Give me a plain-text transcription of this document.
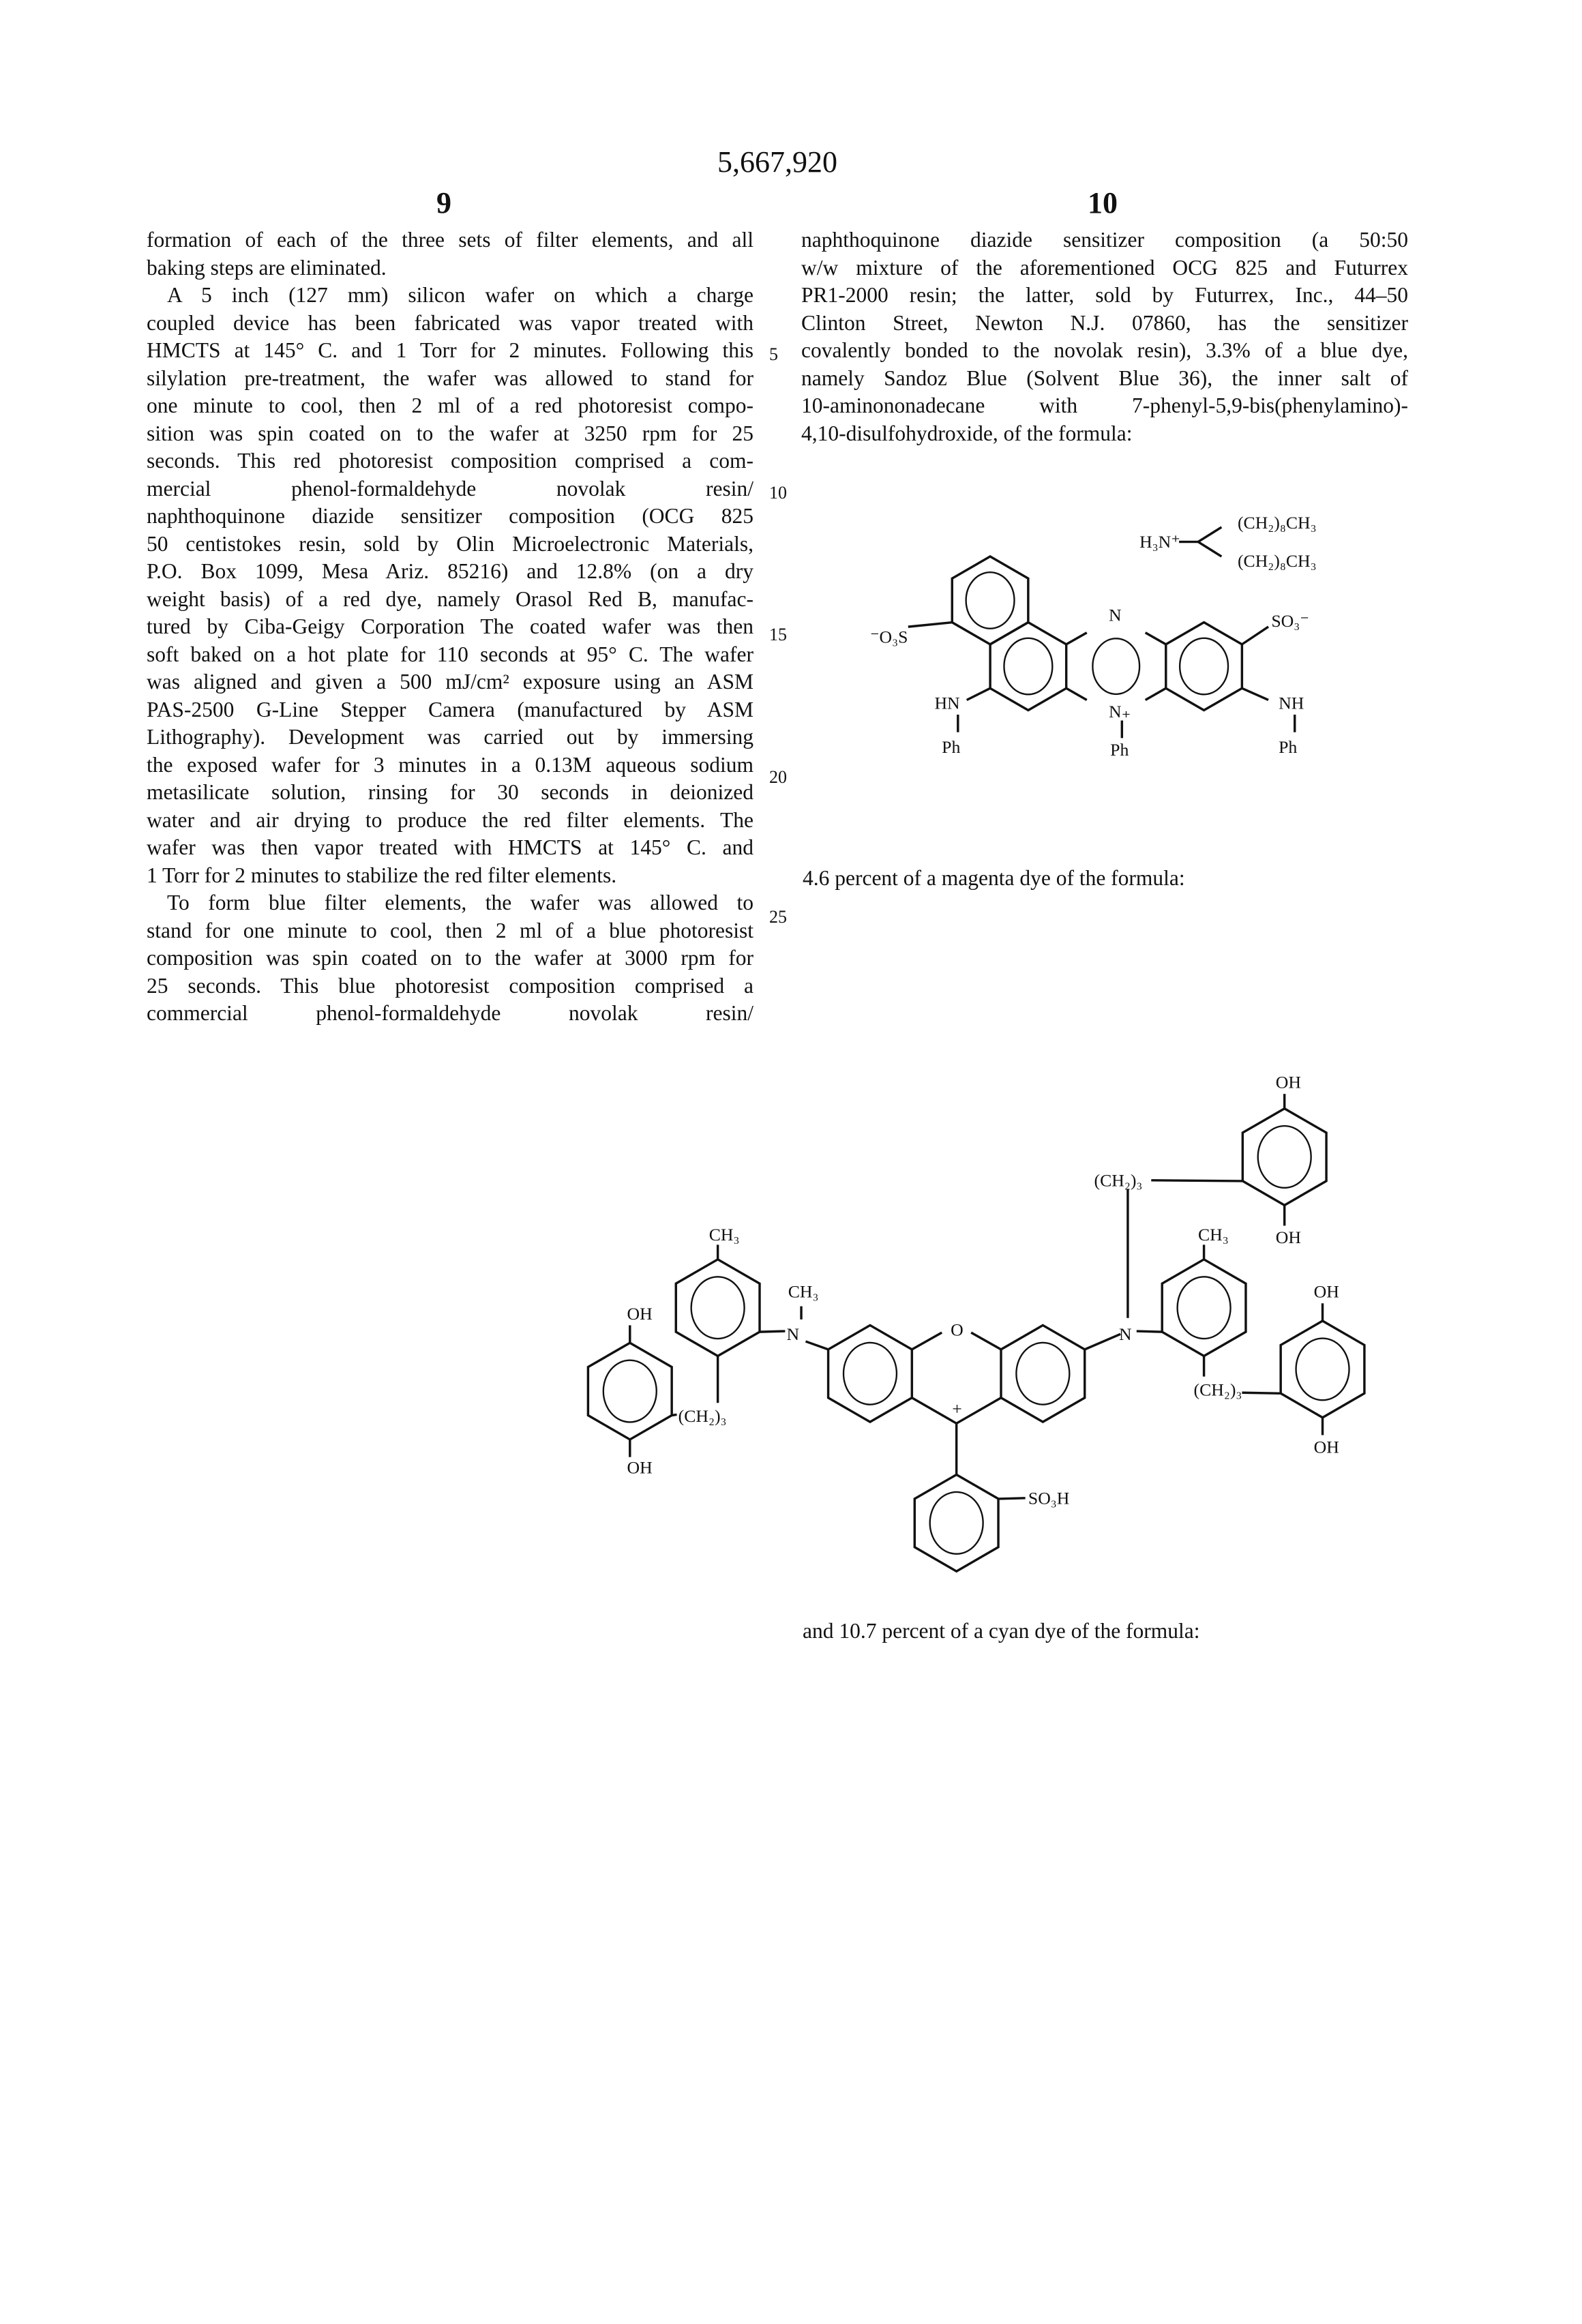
5,667,920
9	10
formation of each of the three sets of filter elements, and all
baking steps are eliminated.
A 5 inch (127 mm) silicon wafer on which a charge
coupled device has been fabricated was vapor treated with
HMCTS at 145° C. and 1 Torr for 2 minutes. Following this
silylation pre-treatment, the wafer was allowed to stand for
one minute to cool, then 2 ml of a red photoresist compo-
sition was spin coated on to the wafer at 3250 rpm for 25
seconds. This red photoresist composition comprised a com-
mercial phenol-formaldehyde novolak resin/
naphthoquinone diazide sensitizer composition (OCG 825
50 centistokes resin, sold by Olin Microelectronic Materials,
P.O. Box 1099, Mesa Ariz. 85216) and 12.8% (on a dry
weight basis) of a red dye, namely Orasol Red B, manufac-
tured by Ciba-Geigy Corporation The coated wafer was then
soft baked on a hot plate for 110 seconds at 95° C. The wafer
was aligned and given a 500 mJ/cm² exposure using an ASM
PAS-2500 G-Line Stepper Camera (manufactured by ASM
Lithography). Development was carried out by immersing
the exposed wafer for 3 minutes in a 0.13M aqueous sodium
metasilicate solution, rinsing for 30 seconds in deionized
water and air drying to produce the red filter elements. The
wafer was then vapor treated with HMCTS at 145° C. and
1 Torr for 2 minutes to stabilize the red filter elements.
To form blue filter elements, the wafer was allowed to
stand for one minute to cool, then 2 ml of a blue photoresist
composition was spin coated on to the wafer at 3000 rpm for
25 seconds. This blue photoresist composition comprised a
commercial phenol-formaldehyde novolak resin/
naphthoquinone diazide sensitizer composition (a 50:50
w/w mixture of the aforementioned OCG 825 and Futurrex
PR1-2000 resin; the latter, sold by Futurrex, Inc., 44–50
Clinton Street, Newton N.J. 07860, has the sensitizer
covalently bonded to the novolak resin), 3.3% of a blue dye,
namely Sandoz Blue (Solvent Blue 36), the inner salt of
10-aminononadecane with 7-phenyl-5,9-bis(phenylamino)-
4,10-disulfohydroxide, of the formula:
5
10
15
20
25
4.6 percent of a magenta dye of the formula:
and 10.7 percent of a cyan dye of the formula:
H₃N⁺
(CH₂)₈CH₃
(CH₂)₈CH₃
⁻O₃S
SO₃⁻
N
N₊
HN	NH
Ph	Ph	Ph
OH
OH
(CH₂)₃
CH₃
CH₃
N	O
+
N
CH₃
OH
OH
(CH₂)₃
(CH₂)₃
OH
OH
SO₃H
